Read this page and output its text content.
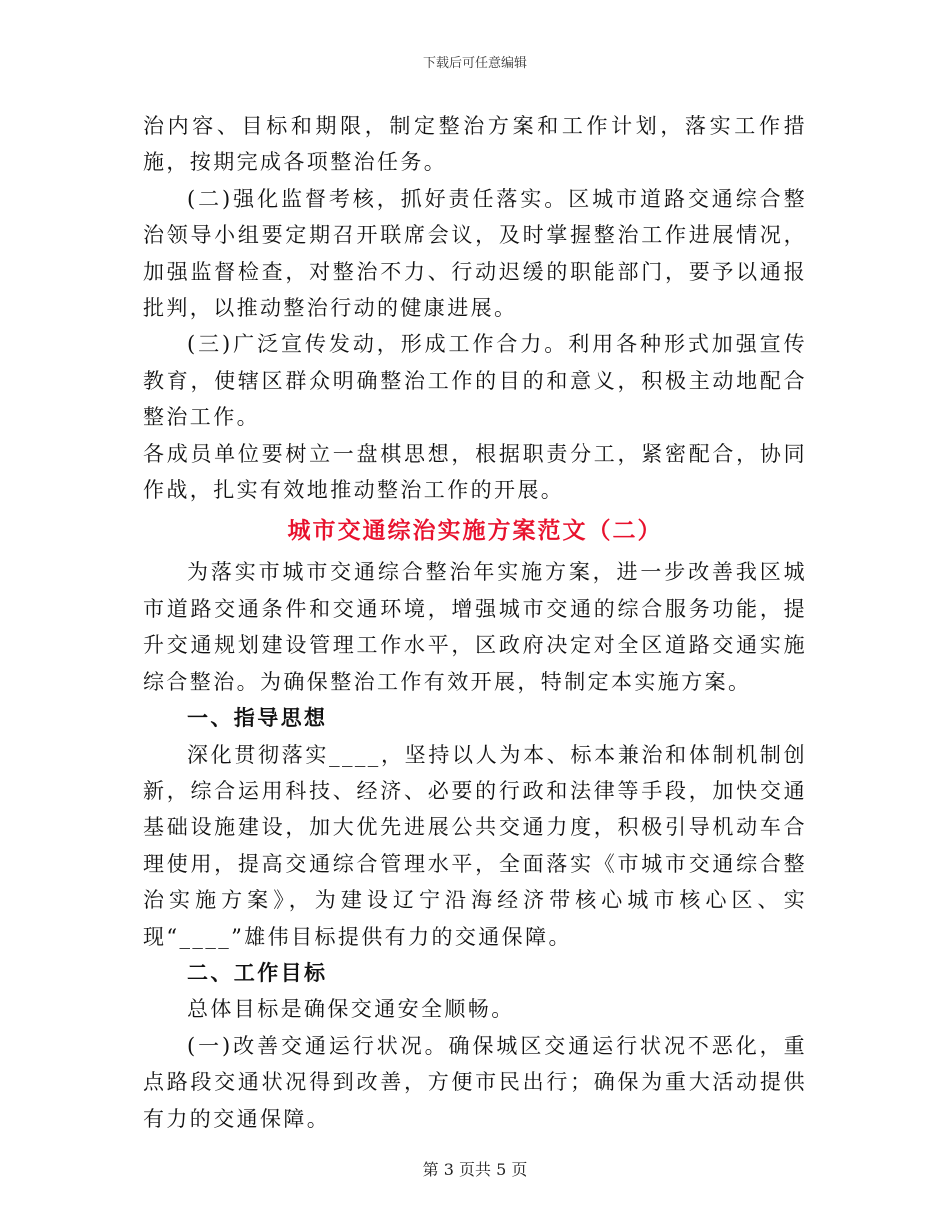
下载后可任意编辑

治内容、目标和期限，制定整治方案和工作计划，落实工作措施，按期完成各项整治任务。

(二)强化监督考核，抓好责任落实。区城市道路交通综合整治领导小组要定期召开联席会议，及时掌握整治工作进展情况，加强监督检查，对整治不力、行动迟缓的职能部门，要予以通报批判，以推动整治行动的健康进展。

(三)广泛宣传发动，形成工作合力。利用各种形式加强宣传教育，使辖区群众明确整治工作的目的和意义，积极主动地配合整治工作。

各成员单位要树立一盘棋思想，根据职责分工，紧密配合，协同作战，扎实有效地推动整治工作的开展。

城市交通综治实施方案范文（二）

为落实市城市交通综合整治年实施方案，进一步改善我区城市道路交通条件和交通环境，增强城市交通的综合服务功能，提升交通规划建设管理工作水平，区政府决定对全区道路交通实施综合整治。为确保整治工作有效开展，特制定本实施方案。

一、指导思想

深化贯彻落实____，坚持以人为本、标本兼治和体制机制创新，综合运用科技、经济、必要的行政和法律等手段，加快交通基础设施建设，加大优先进展公共交通力度，积极引导机动车合理使用，提高交通综合管理水平，全面落实《市城市交通综合整治实施方案》，为建设辽宁沿海经济带核心城市核心区、实现“____”雄伟目标提供有力的交通保障。

二、工作目标

总体目标是确保交通安全顺畅。

(一)改善交通运行状况。确保城区交通运行状况不恶化，重点路段交通状况得到改善，方便市民出行；确保为重大活动提供有力的交通保障。

第 3 页共 5 页
